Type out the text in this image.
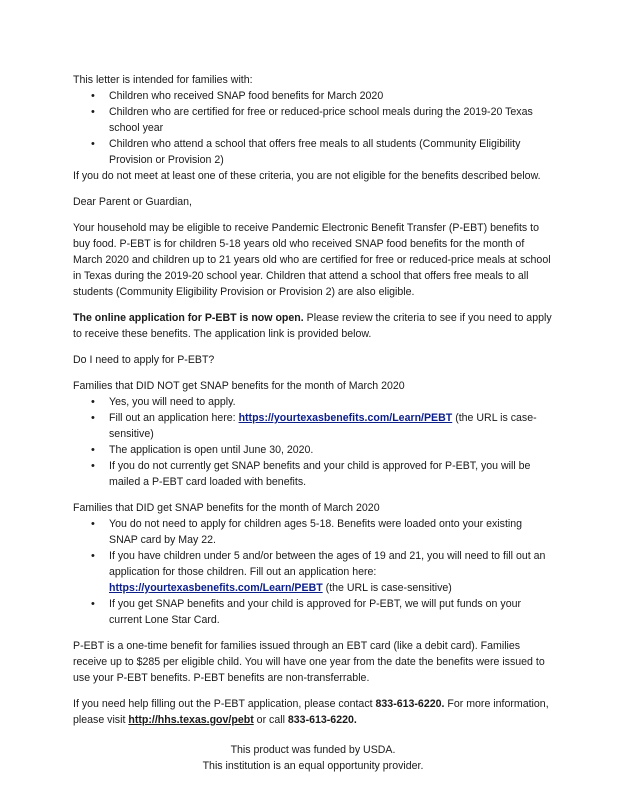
This letter is intended for families with:

• Children who received SNAP food benefits for March 2020
• Children who are certified for free or reduced-price school meals during the 2019-20 Texas school year
• Children who attend a school that offers free meals to all students (Community Eligibility Provision or Provision 2)

If you do not meet at least one of these criteria, you are not eligible for the benefits described below.

Dear Parent or Guardian,

Your household may be eligible to receive Pandemic Electronic Benefit Transfer (P-EBT) benefits to buy food. P-EBT is for children 5-18 years old who received SNAP food benefits for the month of March 2020 and children up to 21 years old who are certified for free or reduced-price meals at school in Texas during the 2019-20 school year. Children that attend a school that offers free meals to all students (Community Eligibility Provision or Provision 2) are also eligible.

The online application for P-EBT is now open. Please review the criteria to see if you need to apply to receive these benefits. The application link is provided below.

Do I need to apply for P-EBT?

Families that DID NOT get SNAP benefits for the month of March 2020

• Yes, you will need to apply.
• Fill out an application here: https://yourtexasbenefits.com/Learn/PEBT (the URL is case-sensitive)
• The application is open until June 30, 2020.
• If you do not currently get SNAP benefits and your child is approved for P-EBT, you will be mailed a P-EBT card loaded with benefits.

Families that DID get SNAP benefits for the month of March 2020

• You do not need to apply for children ages 5-18. Benefits were loaded onto your existing SNAP card by May 22.
• If you have children under 5 and/or between the ages of 19 and 21, you will need to fill out an application for those children. Fill out an application here: https://yourtexasbenefits.com/Learn/PEBT (the URL is case-sensitive)
• If you get SNAP benefits and your child is approved for P-EBT, we will put funds on your current Lone Star Card.

P-EBT is a one-time benefit for families issued through an EBT card (like a debit card). Families receive up to $285 per eligible child. You will have one year from the date the benefits were issued to use your P-EBT benefits. P-EBT benefits are non-transferrable.

If you need help filling out the P-EBT application, please contact 833-613-6220. For more information, please visit http://hhs.texas.gov/pebt or call 833-613-6220.

This product was funded by USDA.

This institution is an equal opportunity provider.
